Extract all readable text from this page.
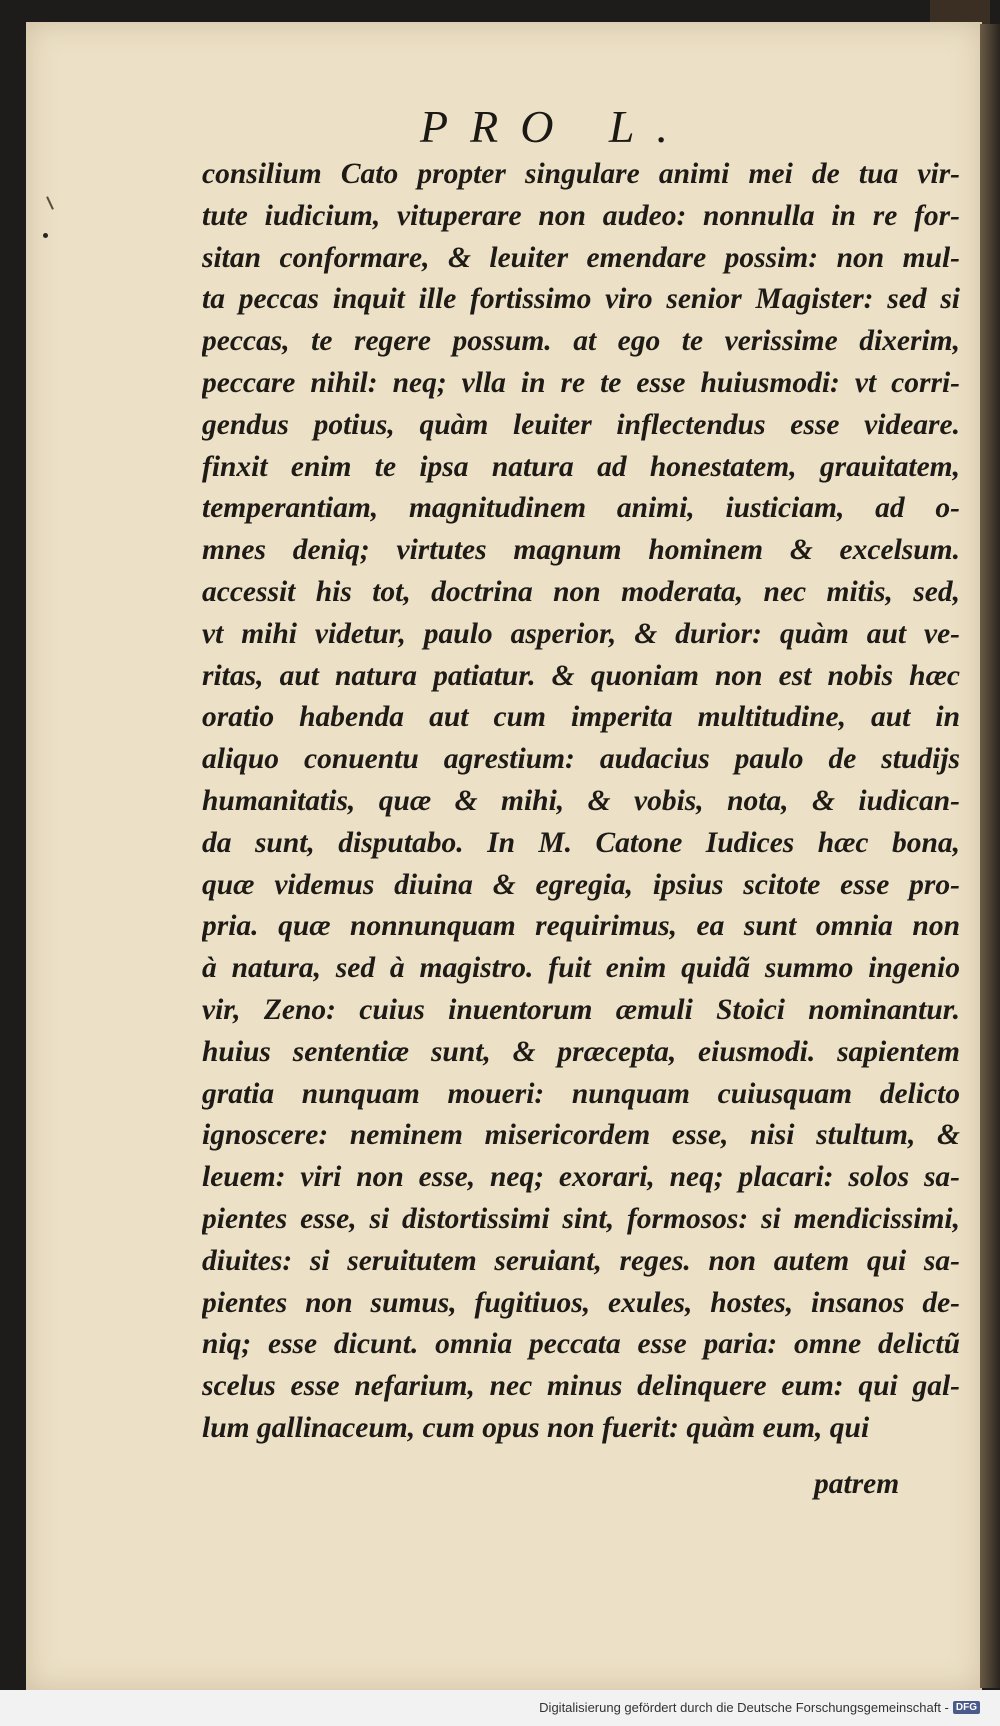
PRO L.
consilium Cato propter singulare animi mei de tua vir-
tute iudicium, vituperare non audeo: nonnulla in re for-
sitan conformare, & leuiter emendare possim: non mul-
ta peccas inquit ille fortissimo viro senior Magister: sed si
peccas, te regere possum. at ego te verissime dixerim,
peccare nihil: neq; vlla in re te esse huiusmodi: vt corri-
gendus potius, quàm leuiter inflectendus esse videare.
finxit enim te ipsa natura ad honestatem, grauitatem,
temperantiam, magnitudinem animi, iusticiam, ad o-
mnes deniq; virtutes magnum hominem & excelsum.
accessit his tot, doctrina non moderata, nec mitis, sed,
vt mihi videtur, paulo asperior, & durior: quàm aut ve-
ritas, aut natura patiatur. & quoniam non est nobis hæc
oratio habenda aut cum imperita multitudine, aut in
aliquo conuentu agrestium: audacius paulo de studijs
humanitatis, quæ & mihi, & vobis, nota, & iudican-
da sunt, disputabo. In M. Catone Iudices hæc bona,
quæ videmus diuina & egregia, ipsius scitote esse pro-
pria. quæ nonnunquam requirimus, ea sunt omnia non
à natura, sed à magistro. fuit enim quidã summo ingenio
vir, Zeno: cuius inuentorum æmuli Stoici nominantur.
huius sententiæ sunt, & præcepta, eiusmodi. sapientem
gratia nunquam moueri: nunquam cuiusquam delicto
ignoscere: neminem misericordem esse, nisi stultum, &
leuem: viri non esse, neq; exorari, neq; placari: solos sa-
pientes esse, si distortissimi sint, formosos: si mendicissimi,
diuites: si seruitutem seruiant, reges. non autem qui sa-
pientes non sumus, fugitiuos, exules, hostes, insanos de-
niq; esse dicunt. omnia peccata esse paria: omne delictũ
scelus esse nefarium, nec minus delinquere eum: qui gal-
lum gallinaceum, cum opus non fuerit: quàm eum, qui
patrem
Digitalisierung gefördert durch die Deutsche Forschungsgemeinschaft - DFG
